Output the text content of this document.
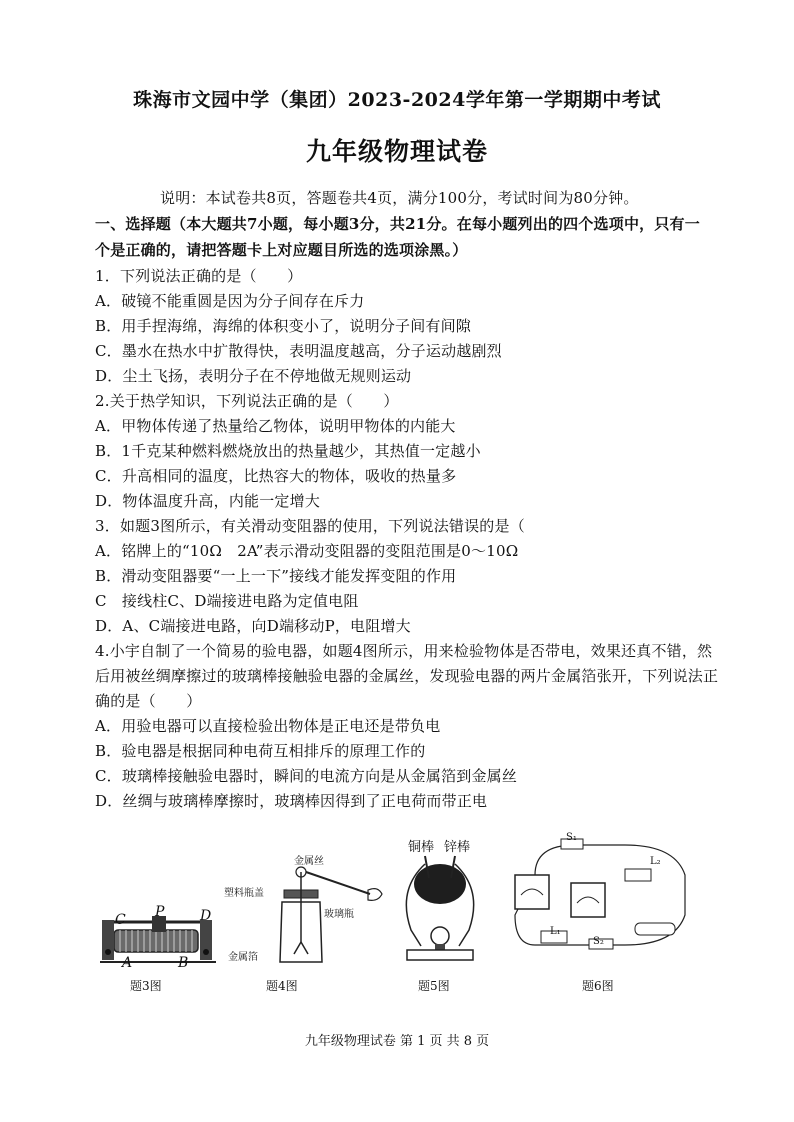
珠海市文园中学（集团）2023-2024学年第一学期期中考试
九年级物理试卷
说明：本试卷共8页，答题卷共4页，满分100分，考试时间为80分钟。
一、选择题（本大题共7小题，每小题3分，共21分。在每小题列出的四个选项中，只有一
个是正确的，请把答题卡上对应题目所选的选项涂黑。）
1．下列说法正确的是（　　）
A．破镜不能重圆是因为分子间存在斥力
B．用手捏海绵，海绵的体积变小了，说明分子间有间隙
C．墨水在热水中扩散得快，表明温度越高，分子运动越剧烈
D．尘土飞扬，表明分子在不停地做无规则运动
2.关于热学知识，下列说法正确的是（　　）
A．甲物体传递了热量给乙物体，说明甲物体的内能大
B．1千克某种燃料燃烧放出的热量越少，其热值一定越小
C．升高相同的温度，比热容大的物体，吸收的热量多
D．物体温度升高，内能一定增大
3．如题3图所示，有关滑动变阻器的使用，下列说法错误的是（
A．铭牌上的“10Ω　2A”表示滑动变阻器的变阻范围是0～10Ω
B．滑动变阻器要“一上一下”接线才能发挥变阻的作用
C　接线柱C、D端接进电路为定值电阻
D．A、C端接进电路，向D端移动P，电阻增大
4.小宇自制了一个简易的验电器，如题4图所示，用来检验物体是否带电，效果还真不错，然
后用被丝绸摩擦过的玻璃棒接触验电器的金属丝，发现验电器的两片金属箔张开，下列说法正
确的是（　　）
A．用验电器可以直接检验出物体是正电还是带负电
B．验电器是根据同种电荷互相排斥的原理工作的
C．玻璃棒接触验电器时，瞬间的电流方向是从金属箔到金属丝
D．丝绸与玻璃棒摩擦时，玻璃棒因得到了正电荷而带正电
C P	D
A	B
题3图
金属丝
塑料瓶盖
玻璃瓶
金属箔
题4图
铜棒 锌棒
题5图
S₁
L₂
L₁
S₂
题6图
九年级物理试卷 第 1 页 共 8 页
